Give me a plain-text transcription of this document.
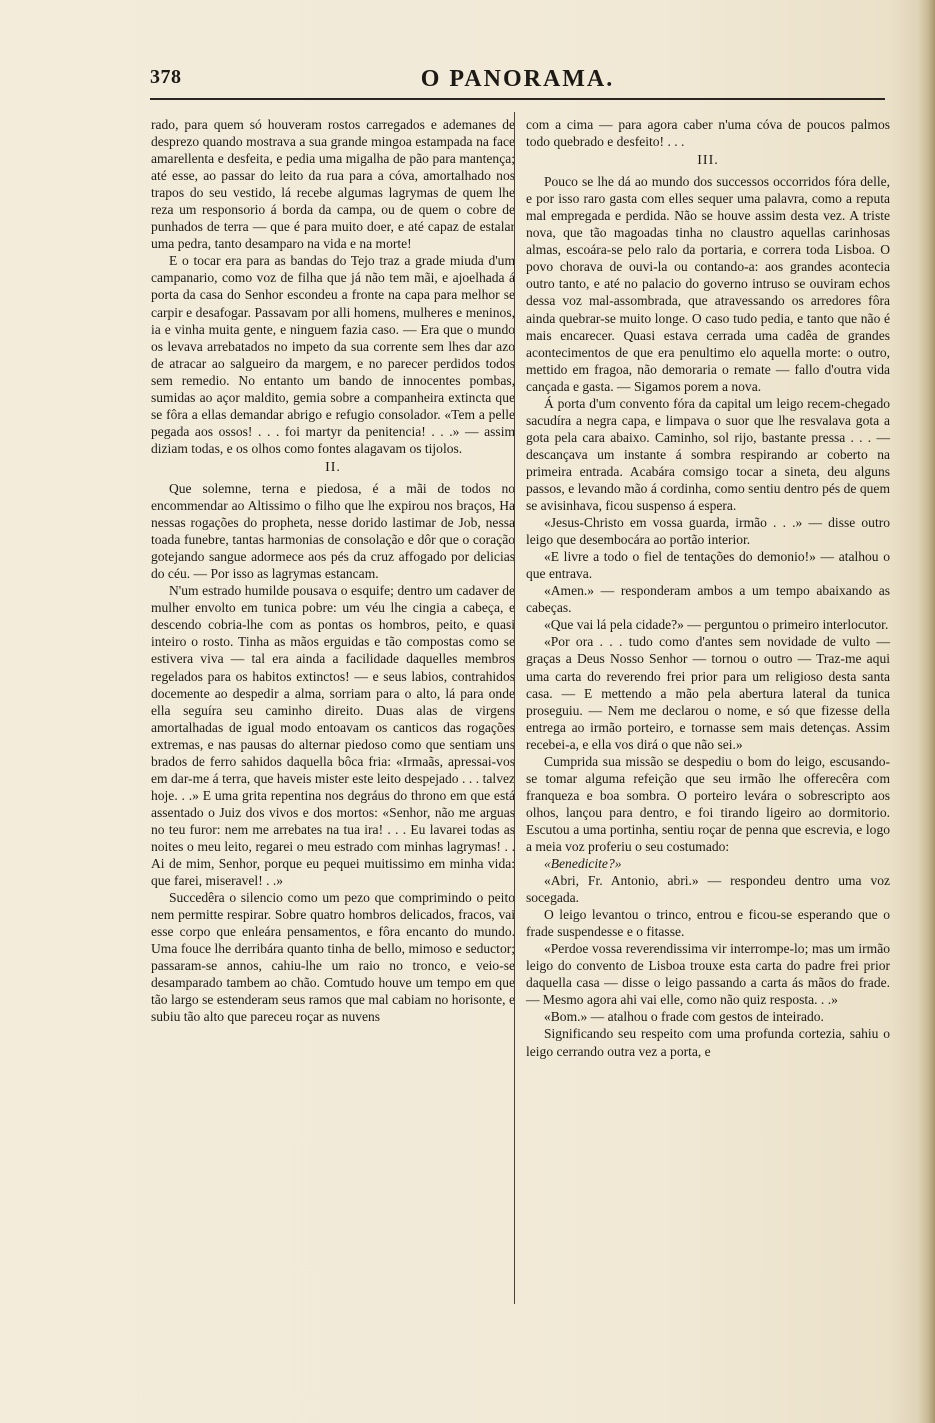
378	O PANORAMA.

rado, para quem só houveram rostos carregados e ademanes de desprezo quando mostrava a sua grande mingoa estampada na face amarellenta e desfeita, e pedia uma migalha de pão para mantença; até esse, ao passar do leito da rua para a cóva, amortalhado nos trapos do seu vestido, lá recebe algumas lagrymas de quem lhe reza um responsorio á borda da campa, ou de quem o cobre de punhados de terra — que é para muito doer, e até capaz de estalar uma pedra, tanto desamparo na vida e na morte!

E o tocar era para as bandas do Tejo traz a grade miuda d'um campanario, como voz de filha que já não tem mãi, e ajoelhada á porta da casa do Senhor escondeu a fronte na capa para melhor se carpir e desafogar. Passavam por alli homens, mulheres e meninos, ia e vinha muita gente, e ninguem fazia caso. — Era que o mundo os levava arrebatados no impeto da sua corrente sem lhes dar azo de atracar ao salgueiro da margem, e no parecer perdidos todos sem remedio. No entanto um bando de innocentes pombas, sumidas ao açor maldito, gemia sobre a companheira extincta que se fôra a ellas demandar abrigo e refugio consolador. «Tem a pelle pegada aos ossos! . . . foi martyr da penitencia! . . .» — assim diziam todas, e os olhos como fontes alagavam os tijolos.

II.

Que solemne, terna e piedosa, é a mãi de todos no encommendar ao Altissimo o filho que lhe expirou nos braços, Ha nessas rogações do propheta, nesse dorido lastimar de Job, nessa toada funebre, tantas harmonias de consolação e dôr que o coração gotejando sangue adormece aos pés da cruz affogado por delicias do céu. — Por isso as lagrymas estancam.

N'um estrado humilde pousava o esquife; dentro um cadaver de mulher envolto em tunica pobre: um véu lhe cingia a cabeça, e descendo cobria-lhe com as pontas os hombros, peito, e quasi inteiro o rosto. Tinha as mãos erguidas e tão compostas como se estivera viva — tal era ainda a facilidade daquelles membros regelados para os habitos extinctos! — e seus labios, contrahidos docemente ao despedir a alma, sorriam para o alto, lá para onde ella seguíra seu caminho direito. Duas alas de virgens amortalhadas de igual modo entoavam os canticos das rogações extremas, e nas pausas do alternar piedoso como que sentiam uns brados de ferro sahidos daquella bôca fria: «Irmaãs, apressai-vos em dar-me á terra, que haveis mister este leito despejado . . . talvez hoje. . .» E uma grita repentina nos degráus do throno em que está assentado o Juiz dos vivos e dos mortos: «Senhor, não me arguas no teu furor: nem me arrebates na tua ira! . . . Eu lavarei todas as noites o meu leito, regarei o meu estrado com minhas lagrymas! . . Ai de mim, Senhor, porque eu pequei muitissimo em minha vida: que farei, miseravel! . .»

Succedêra o silencio como um pezo que comprimindo o peito nem permitte respirar. Sobre quatro hombros delicados, fracos, vai esse corpo que enleára pensamentos, e fôra encanto do mundo. Uma fouce lhe derribára quanto tinha de bello, mimoso e seductor; passaram-se annos, cahiu-lhe um raio no tronco, e veio-se desamparado tambem ao chão. Comtudo houve um tempo em que tão largo se estenderam seus ramos que mal cabiam no horisonte, e subiu tão alto que pareceu roçar as nuvens

com a cima — para agora caber n'uma cóva de poucos palmos todo quebrado e desfeito! . . .

III.

Pouco se lhe dá ao mundo dos successos occorridos fóra delle, e por isso raro gasta com elles sequer uma palavra, como a reputa mal empregada e perdida. Não se houve assim desta vez. A triste nova, que tão magoadas tinha no claustro aquellas carinhosas almas, escoára-se pelo ralo da portaria, e correra toda Lisboa. O povo chorava de ouvi-la ou contando-a: aos grandes acontecia outro tanto, e até no palacio do governo intruso se ouviram echos dessa voz mal-assombrada, que atravessando os arredores fôra ainda quebrar-se muito longe. O caso tudo pedia, e tanto que não é mais encarecer. Quasi estava cerrada uma cadêa de grandes acontecimentos de que era penultimo elo aquella morte: o outro, mettido em fragoa, não demoraria o remate — fallo d'outra vida cançada e gasta. — Sigamos porem a nova.

Á porta d'um convento fóra da capital um leigo recem-chegado sacudíra a negra capa, e limpava o suor que lhe resvalava gota a gota pela cara abaixo. Caminho, sol rijo, bastante pressa . . . — descançava um instante á sombra respirando ar coberto na primeira entrada. Acabára comsigo tocar a sineta, deu alguns passos, e levando mão á cordinha, como sentiu dentro pés de quem se avisinhava, ficou suspenso á espera.

«Jesus-Christo em vossa guarda, irmão . . .» — disse outro leigo que desembocára ao portão interior.

«E livre a todo o fiel de tentações do demonio!» — atalhou o que entrava.

«Amen.» — responderam ambos a um tempo abaixando as cabeças.

«Que vai lá pela cidade?» — perguntou o primeiro interlocutor.

«Por ora . . . tudo como d'antes sem novidade de vulto — graças a Deus Nosso Senhor — tornou o outro — Traz-me aqui uma carta do reverendo frei prior para um religioso desta santa casa. — E mettendo a mão pela abertura lateral da tunica proseguiu. — Nem me declarou o nome, e só que fizesse della entrega ao irmão porteiro, e tornasse sem mais detenças. Assim recebei-a, e ella vos dirá o que não sei.»

Cumprida sua missão se despediu o bom do leigo, escusando-se tomar alguma refeição que seu irmão lhe offerecêra com franqueza e boa sombra. O porteiro levára o sobrescripto aos olhos, lançou para dentro, e foi tirando ligeiro ao dormitorio. Escutou a uma portinha, sentiu roçar de penna que escrevia, e logo a meia voz proferiu o seu costumado:

«Benedicite?»

«Abri, Fr. Antonio, abri.» — respondeu dentro uma voz socegada.

O leigo levantou o trinco, entrou e ficou-se esperando que o frade suspendesse e o fitasse.

«Perdoe vossa reverendissima vir interrompe-lo; mas um irmão leigo do convento de Lisboa trouxe esta carta do padre frei prior daquella casa — disse o leigo passando a carta ás mãos do frade. — Mesmo agora ahi vai elle, como não quiz resposta. . .»

«Bom.» — atalhou o frade com gestos de inteirado.

Significando seu respeito com uma profunda cortezia, sahiu o leigo cerrando outra vez a porta, e
